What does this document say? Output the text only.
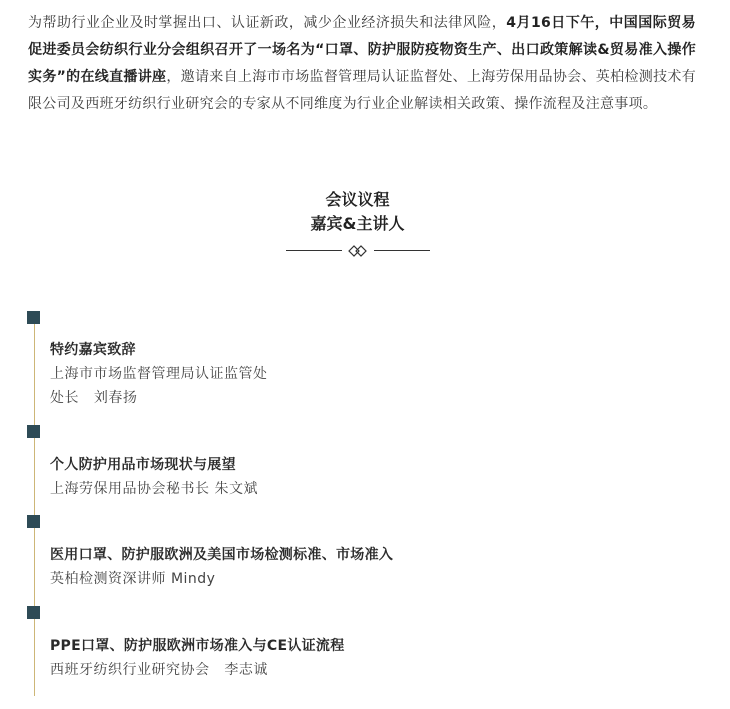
为帮助行业企业及时掌握出口、认证新政，减少企业经济损失和法律风险，4月16日下午，中国国际贸易促进委员会纺织行业分会组织召开了一场名为“口罩、防护服防疫物资生产、出口政策解读&贸易准入操作实务”的在线直播讲座，邀请来自上海市市场监督管理局认证监督处、上海劳保用品协会、英柏检测技术有限公司及西班牙纺织行业研究会的专家从不同维度为行业企业解读相关政策、操作流程及注意事项。

会议议程
嘉宾&主讲人
特约嘉宾致辞
上海市市场监督管理局认证监管处
处长   刘春扬
个人防护用品市场现状与展望
上海劳保用品协会秘书长 朱文斌
医用口罩、防护服欧洲及美国市场检测标准、市场准入
英柏检测资深讲师 Mindy
PPE口罩、防护服欧洲市场准入与CE认证流程
西班牙纺织行业研究协会   李志诚
